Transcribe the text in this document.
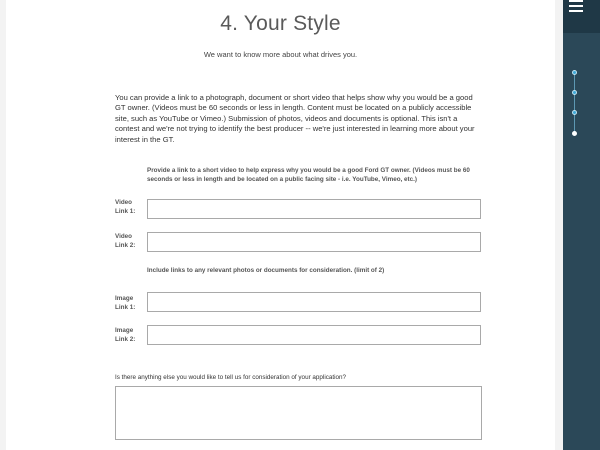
4. Your Style
We want to know more about what drives you.
You can provide a link to a photograph, document or short video that helps show why you would be a good GT owner. (Videos must be 60 seconds or less in length. Content must be located on a publicly accessible site, such as YouTube or Vimeo.) Submission of photos, videos and documents is optional. This isn't a contest and we're not trying to identify the best producer -- we're just interested in learning more about your interest in the GT.
Provide a link to a short video to help express why you would be a good Ford GT owner. (Videos must be 60 seconds or less in length and be located on a public facing site - i.e. YouTube, Vimeo, etc.)
Video Link 1:
Video Link 2:
Include links to any relevant photos or documents for consideration. (limit of 2)
Image Link 1:
Image Link 2:
Is there anything else you would like to tell us for consideration of your application?
